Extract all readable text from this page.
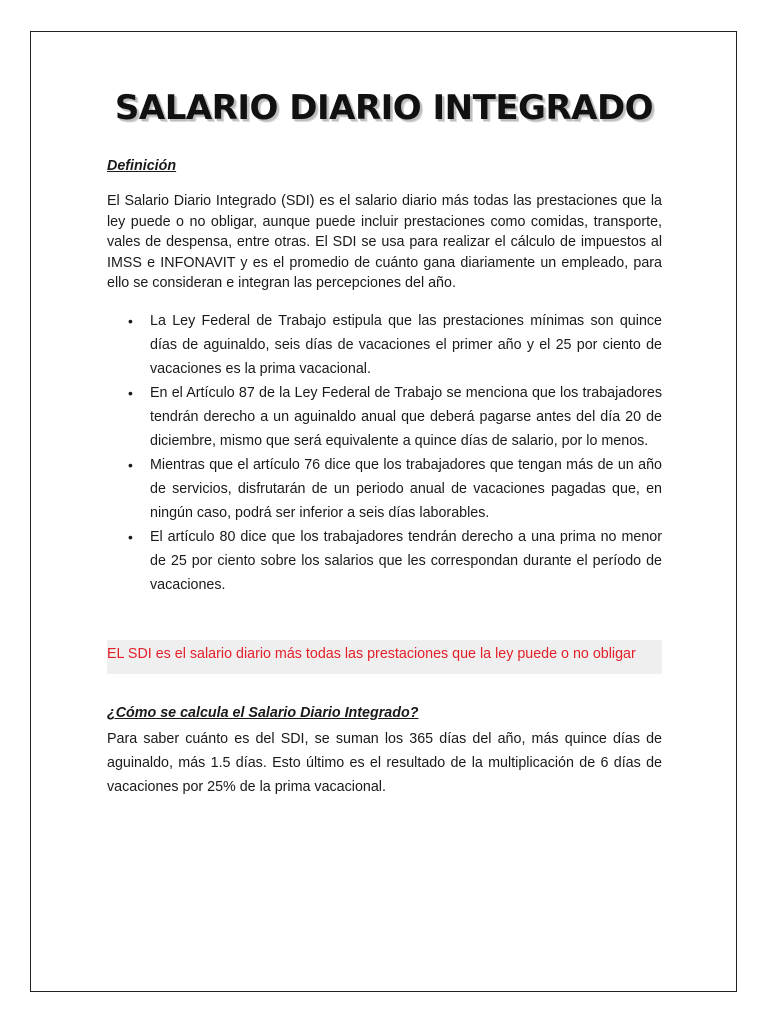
SALARIO DIARIO INTEGRADO

Definición

El Salario Diario Integrado (SDI) es el salario diario más todas las prestaciones que la ley puede o no obligar, aunque puede incluir prestaciones como comidas, transporte, vales de despensa, entre otras. El SDI se usa para realizar el cálculo de impuestos al IMSS e INFONAVIT y es el promedio de cuánto gana diariamente un empleado, para ello se consideran e integran las percepciones del año.

• La Ley Federal de Trabajo estipula que las prestaciones mínimas son quince días de aguinaldo, seis días de vacaciones el primer año y el 25 por ciento de vacaciones es la prima vacacional.
• En el Artículo 87 de la Ley Federal de Trabajo se menciona que los trabajadores tendrán derecho a un aguinaldo anual que deberá pagarse antes del día 20 de diciembre, mismo que será equivalente a quince días de salario, por lo menos.
• Mientras que el artículo 76 dice que los trabajadores que tengan más de un año de servicios, disfrutarán de un periodo anual de vacaciones pagadas que, en ningún caso, podrá ser inferior a seis días laborables.
• El artículo 80 dice que los trabajadores tendrán derecho a una prima no menor de 25 por ciento sobre los salarios que les correspondan durante el período de vacaciones.
EL SDI es el salario diario más todas las prestaciones que la ley puede o no obligar

¿Cómo se calcula el Salario Diario Integrado?

Para saber cuánto es del SDI, se suman los 365 días del año, más quince días de aguinaldo, más 1.5 días. Esto último es el resultado de la multiplicación de 6 días de vacaciones por 25% de la prima vacacional.
